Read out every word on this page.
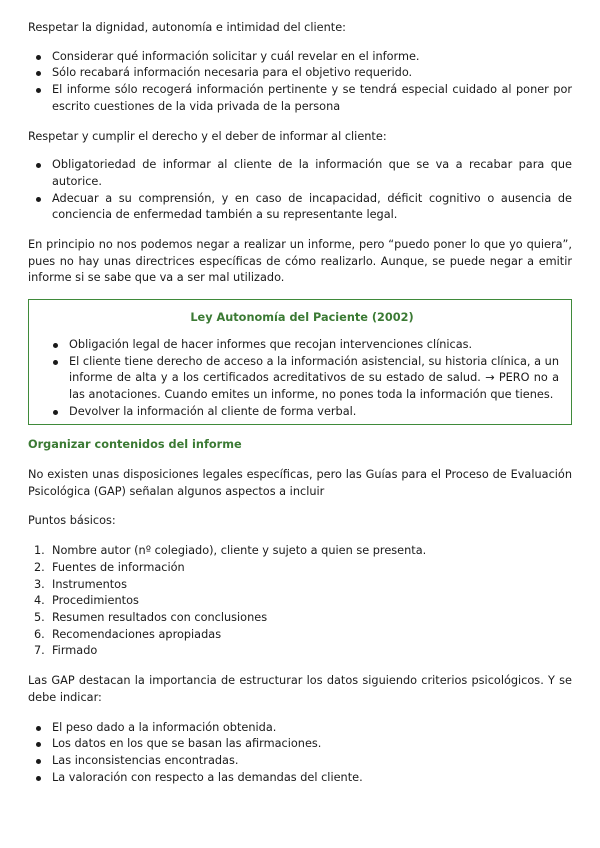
Respetar la dignidad, autonomía e intimidad del cliente:

Considerar qué información solicitar y cuál revelar en el informe.
Sólo recabará información necesaria para el objetivo requerido.
El informe sólo recogerá información pertinente y se tendrá especial cuidado al poner por escrito cuestiones de la vida privada de la persona

Respetar y cumplir el derecho y el deber de informar al cliente:

Obligatoriedad de informar al cliente de la información que se va a recabar para que autorice.
Adecuar a su comprensión, y en caso de incapacidad, déficit cognitivo o ausencia de conciencia de enfermedad también a su representante legal.

En principio no nos podemos negar a realizar un informe, pero “puedo poner lo que yo quiera”, pues no hay unas directrices específicas de cómo realizarlo. Aunque, se puede negar a emitir informe si se sabe que va a ser mal utilizado.

Ley Autonomía del Paciente (2002)
Obligación legal de hacer informes que recojan intervenciones clínicas.
El cliente tiene derecho de acceso a la información asistencial, su historia clínica, a un informe de alta y a los certificados acreditativos de su estado de salud. → PERO no a las anotaciones. Cuando emites un informe, no pones toda la información que tienes.
Devolver la información al cliente de forma verbal.
Organizar contenidos del informe

No existen unas disposiciones legales específicas, pero las Guías para el Proceso de Evaluación Psicológica (GAP) señalan algunos aspectos a incluir

Puntos básicos:

1. Nombre autor (nº colegiado), cliente y sujeto a quien se presenta.
2. Fuentes de información
3. Instrumentos
4. Procedimientos
5. Resumen resultados con conclusiones
6. Recomendaciones apropiadas
7. Firmado

Las GAP destacan la importancia de estructurar los datos siguiendo criterios psicológicos. Y se debe indicar:

El peso dado a la información obtenida.
Los datos en los que se basan las afirmaciones.
Las inconsistencias encontradas.
La valoración con respecto a las demandas del cliente.
